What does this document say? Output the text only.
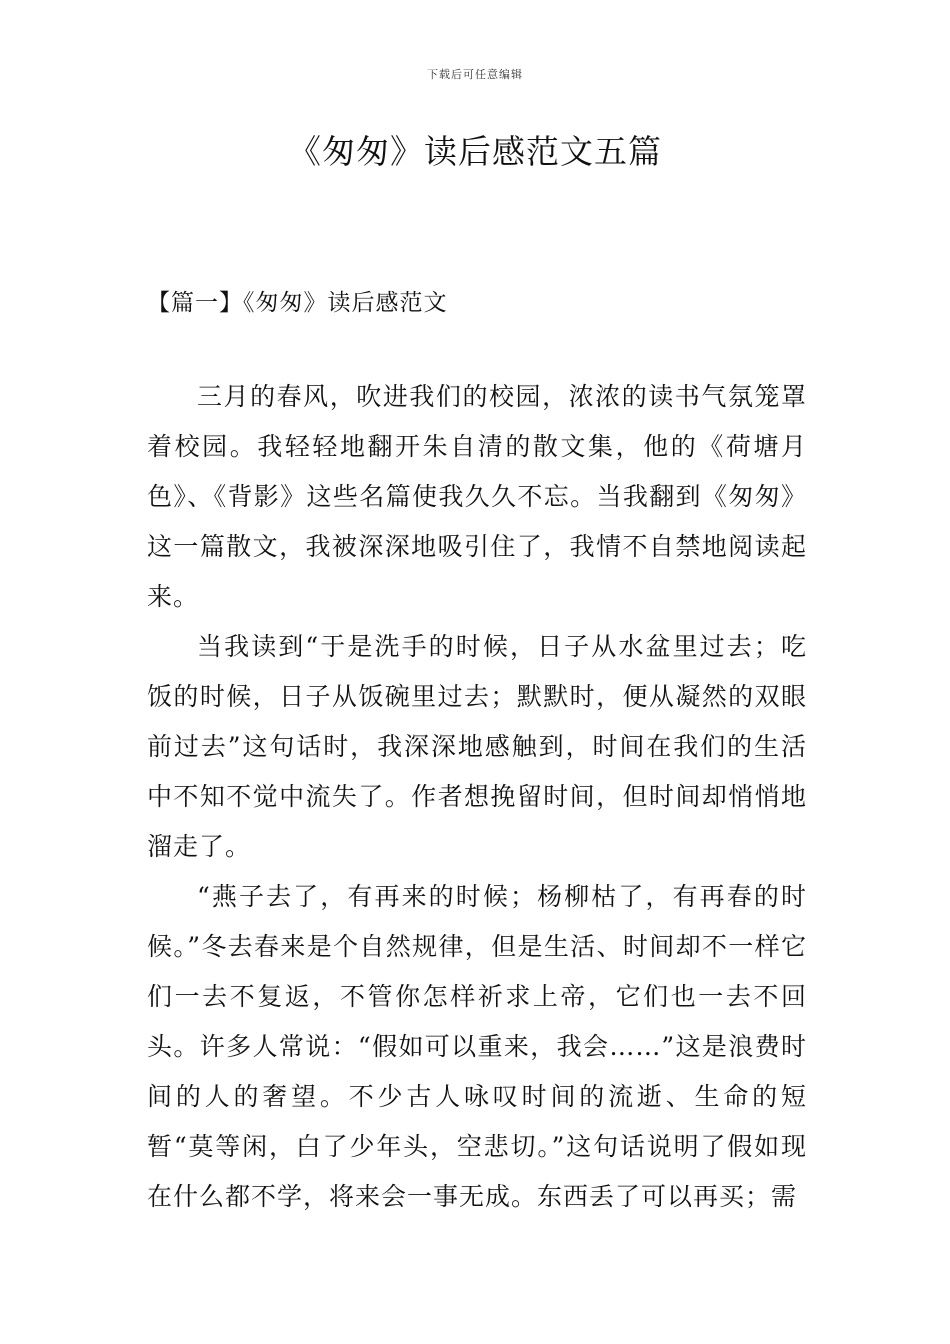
下载后可任意编辑
《匆匆》读后感范文五篇
【篇一】《匆匆》读后感范文

三月的春风，吹进我们的校园，浓浓的读书气氛笼罩着校园。我轻轻地翻开朱自清的散文集，他的《荷塘月色》、《背影》这些名篇使我久久不忘。当我翻到《匆匆》这一篇散文，我被深深地吸引住了，我情不自禁地阅读起来。

当我读到“于是洗手的时候，日子从水盆里过去；吃饭的时候，日子从饭碗里过去；默默时，便从凝然的双眼前过去”这句话时，我深深地感触到，时间在我们的生活中不知不觉中流失了。作者想挽留时间，但时间却悄悄地溜走了。

“燕子去了，有再来的时候；杨柳枯了，有再春的时候。”冬去春来是个自然规律，但是生活、时间却不一样它们一去不复返，不管你怎样祈求上帝，它们也一去不回头。许多人常说：“假如可以重来，我会……”这是浪费时间的人的奢望。不少古人咏叹时间的流逝、生命的短暂“莫等闲，白了少年头，空悲切。”这句话说明了假如现在什么都不学，将来会一事无成。东西丢了可以再买；需
